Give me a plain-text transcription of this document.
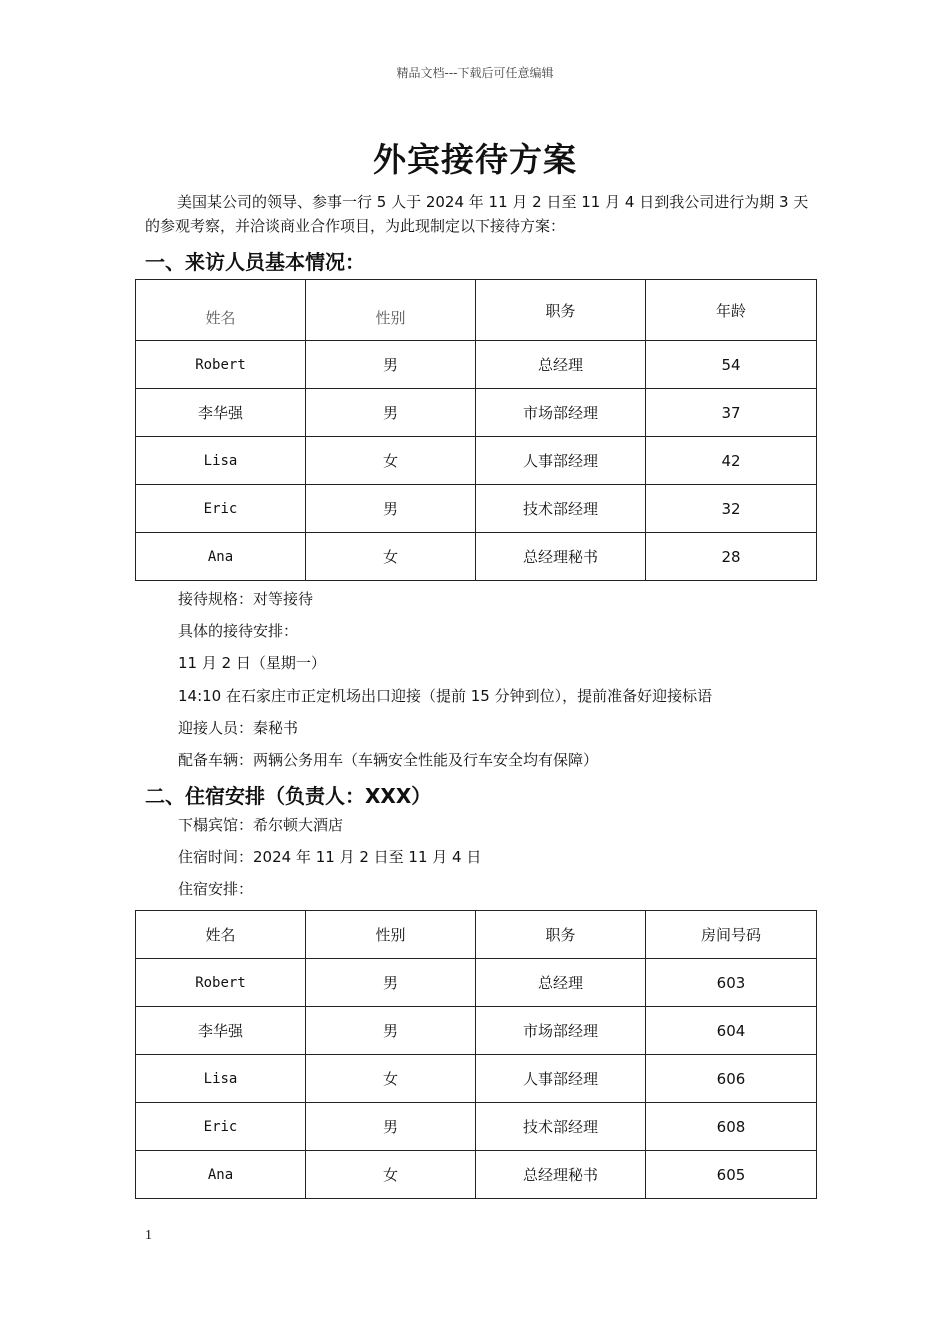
精品文档---下载后可任意编辑
外宾接待方案
美国某公司的领导、参事一行 5 人于 2024 年 11 月 2 日至 11 月 4 日到我公司进行为期 3 天的参观考察，并洽谈商业合作项目，为此现制定以下接待方案：
一、来访人员基本情况：
姓名	性别	职务	年龄
Robert	男	总经理	54
李华强	男	市场部经理	37
Lisa	女	人事部经理	42
Eric	男	技术部经理	32
Ana	女	总经理秘书	28
接待规格：对等接待
具体的接待安排：
11 月 2 日（星期一）
14:10 在石家庄市正定机场出口迎接（提前 15 分钟到位），提前准备好迎接标语
迎接人员：秦秘书
配备车辆：两辆公务用车（车辆安全性能及行车安全均有保障）
二、住宿安排（负责人：XXX）
下榻宾馆：希尔顿大酒店
住宿时间：2024 年 11 月 2 日至 11 月 4 日
住宿安排：
姓名	性别	职务	房间号码
Robert	男	总经理	603
李华强	男	市场部经理	604
Lisa	女	人事部经理	606
Eric	男	技术部经理	608
Ana	女	总经理秘书	605
1
